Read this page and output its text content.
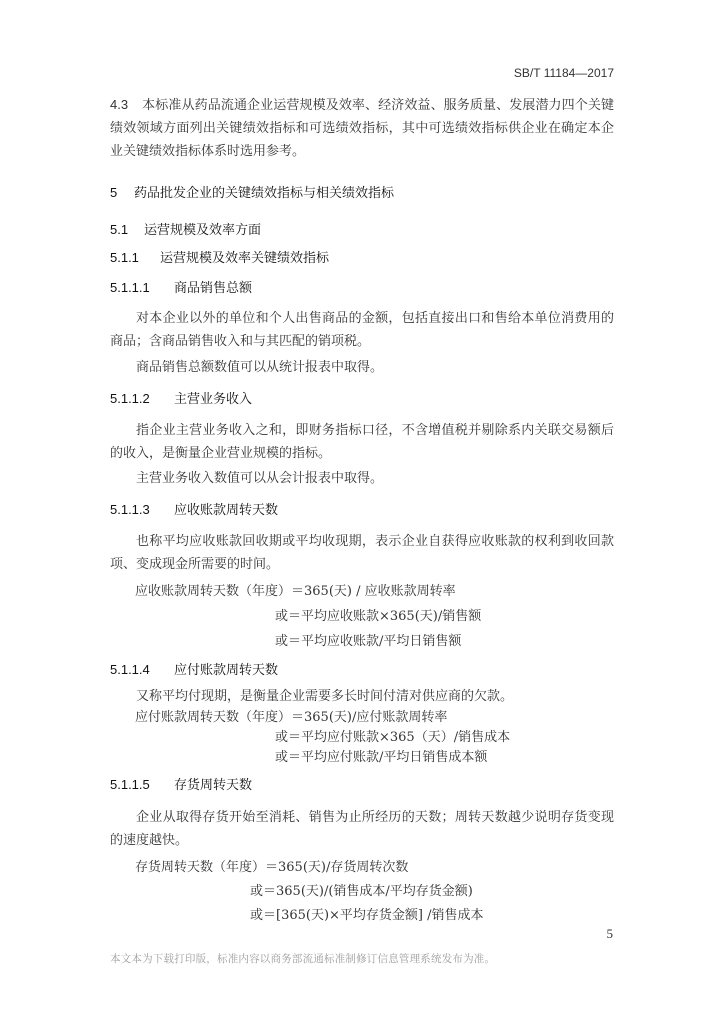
SB/T 11184—2017
4.3 本标准从药品流通企业运营规模及效率、经济效益、服务质量、发展潜力四个关键绩效领域方面列出关键绩效指标和可选绩效指标，其中可选绩效指标供企业在确定本企业关键绩效指标体系时选用参考。
5 药品批发企业的关键绩效指标与相关绩效指标
5.1 运营规模及效率方面
5.1.1 运营规模及效率关键绩效指标
5.1.1.1 商品销售总额
对本企业以外的单位和个人出售商品的金额，包括直接出口和售给本单位消费用的商品；含商品销售收入和与其匹配的销项税。
商品销售总额数值可以从统计报表中取得。
5.1.1.2 主营业务收入
指企业主营业务收入之和，即财务指标口径，不含增值税并剔除系内关联交易额后的收入，是衡量企业营业规模的指标。
主营业务收入数值可以从会计报表中取得。
5.1.1.3 应收账款周转天数
也称平均应收账款回收期或平均收现期，表示企业自获得应收账款的权利到收回款项、变成现金所需要的时间。
应收账款周转天数（年度）＝365(天) / 应收账款周转率
或＝平均应收账款×365(天)/销售额
或＝平均应收账款/平均日销售额
5.1.1.4 应付账款周转天数
又称平均付现期，是衡量企业需要多长时间付清对供应商的欠款。
应付账款周转天数（年度）＝365(天)/应付账款周转率
或＝平均应付账款×365（天）/销售成本
或＝平均应付账款/平均日销售成本额
5.1.1.5 存货周转天数
企业从取得存货开始至消耗、销售为止所经历的天数；周转天数越少说明存货变现的速度越快。
存货周转天数（年度）＝365(天)/存货周转次数
或＝365(天)/(销售成本/平均存货金额)
或＝[365(天)×平均存货金额] /销售成本
5
本文本为下载打印版，标准内容以商务部流通标准制修订信息管理系统发布为准。
